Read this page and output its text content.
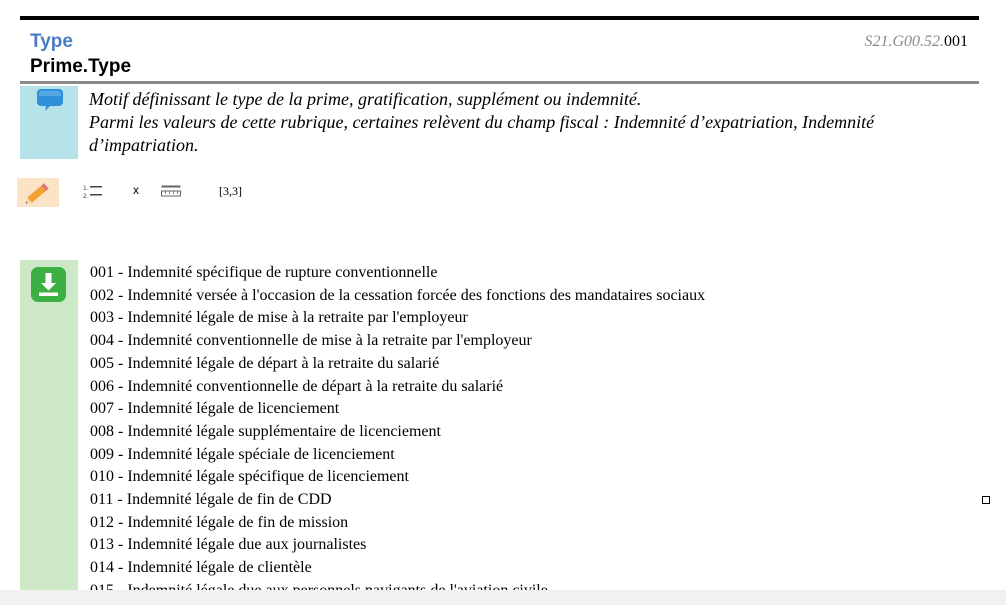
Type
Prime.Type
S21.G00.52.001

Motif définissant le type de la prime, gratification, supplément ou indemnité.

Parmi les valeurs de cette rubrique, certaines relèvent du champ fiscal : Indemnité d’expatriation, Indemnité d’impatriation.

1.
2.	x	[3,3]
001 - Indemnité spécifique de rupture conventionnelle
002 - Indemnité versée à l'occasion de la cessation forcée des fonctions des mandataires sociaux
003 - Indemnité légale de mise à la retraite par l'employeur
004 - Indemnité conventionnelle de mise à la retraite par l'employeur
005 - Indemnité légale de départ à la retraite du salarié
006 - Indemnité conventionnelle de départ à la retraite du salarié
007 - Indemnité légale de licenciement
008 - Indemnité légale supplémentaire de licenciement
009 - Indemnité légale spéciale de licenciement
010 - Indemnité légale spécifique de licenciement
011 - Indemnité légale de fin de CDD
012 - Indemnité légale de fin de mission
013 - Indemnité légale due aux journalistes
014 - Indemnité légale de clientèle
